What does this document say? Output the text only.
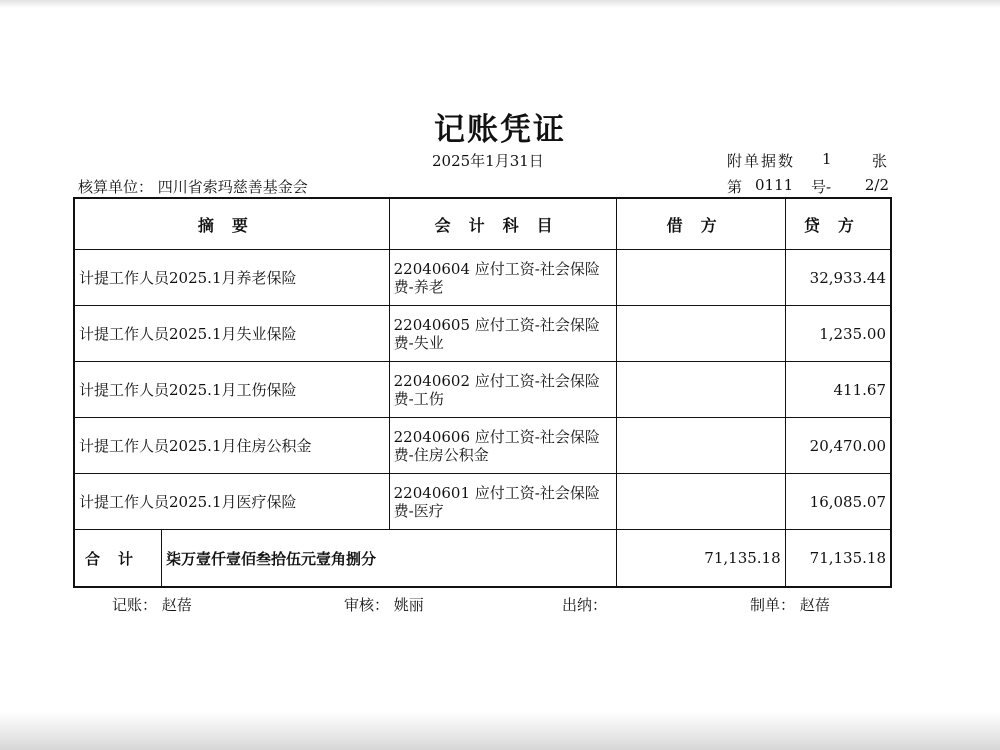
记账凭证
2025年1月31日	附单据数	1	张
核算单位： 四川省索玛慈善基金会	第 0111	号-	2/2
摘要		会计科目	借方	贷方
计提工作人员2025.1月养老保险		22040604 应付工资-社会保险费-养老		32,933.44
计提工作人员2025.1月失业保险		22040605 应付工资-社会保险费-失业		1,235.00
计提工作人员2025.1月工伤保险		22040602 应付工资-社会保险费-工伤		411.67
计提工作人员2025.1月住房公积金		22040606 应付工资-社会保险费-住房公积金		20,470.00
计提工作人员2025.1月医疗保险		22040601 应付工资-社会保险费-医疗		16,085.07
合计	柒万壹仟壹佰叁拾伍元壹角捌分		71,135.18	71,135.18
记账： 赵蓓	审核： 姚丽	出纳：	制单： 赵蓓
